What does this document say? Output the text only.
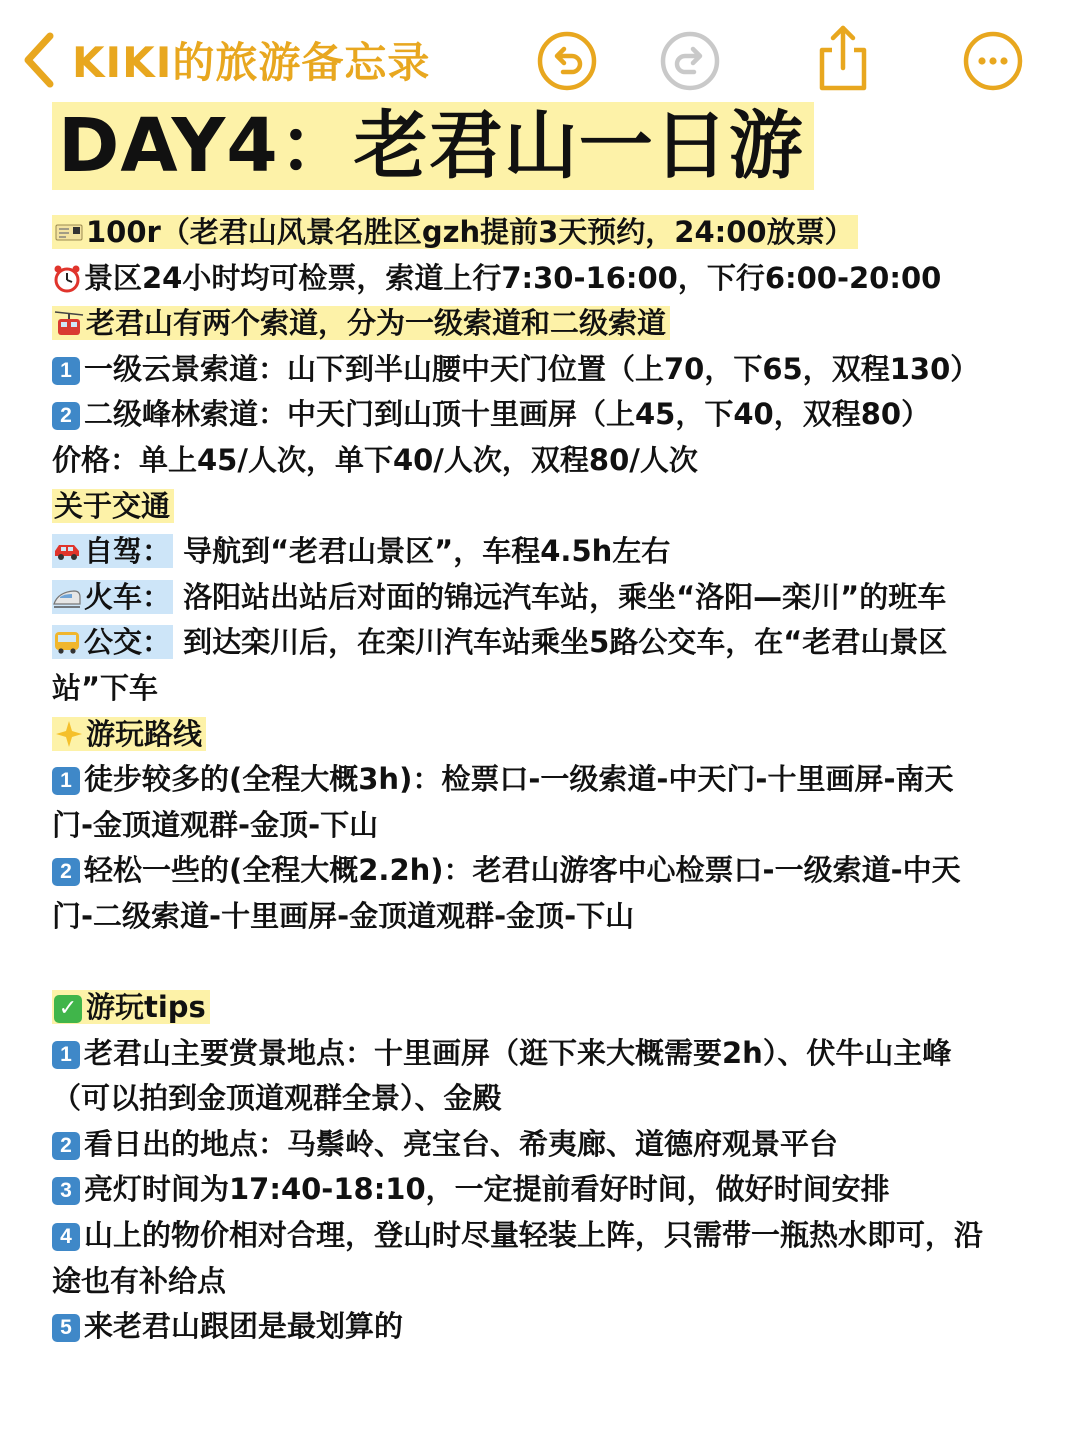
KIKI的旅游备忘录
DAY4：老君山一日游
100r（老君山风景名胜区gzh提前3天预约，24:00放票）
景区24小时均可检票，索道上行7:30-16:00，下行6:00-20:00
老君山有两个索道，分为一级索道和二级索道
1 一级云景索道：山下到半山腰中天门位置（上70，下65，双程130）
2 二级峰林索道：中天门到山顶十里画屏（上45，下40，双程80）
价格：单上45/人次，单下40/人次，双程80/人次
关于交通
自驾： 导航到“老君山景区”，车程4.5h左右
火车： 洛阳站出站后对面的锦远汽车站，乘坐“洛阳—栾川”的班车
公交： 到达栾川后，在栾川汽车站乘坐5路公交车，在“老君山景区
站”下车
游玩路线
1 徒步较多的(全程大概3h)：检票口-一级索道-中天门-十里画屏-南天
门-金顶道观群-金顶-下山
2 轻松一些的(全程大概2.2h)：老君山游客中心检票口-一级索道-中天
门-二级索道-十里画屏-金顶道观群-金顶-下山
✓ 游玩tips
1 老君山主要赏景地点：十里画屏（逛下来大概需要2h）、伏牛山主峰
（可以拍到金顶道观群全景）、金殿
2 看日出的地点：马鬃岭、亮宝台、希夷廊、道德府观景平台
3 亮灯时间为17:40-18:10，一定提前看好时间，做好时间安排
4 山上的物价相对合理，登山时尽量轻装上阵，只需带一瓶热水即可，沿
途也有补给点
5 来老君山跟团是最划算的
